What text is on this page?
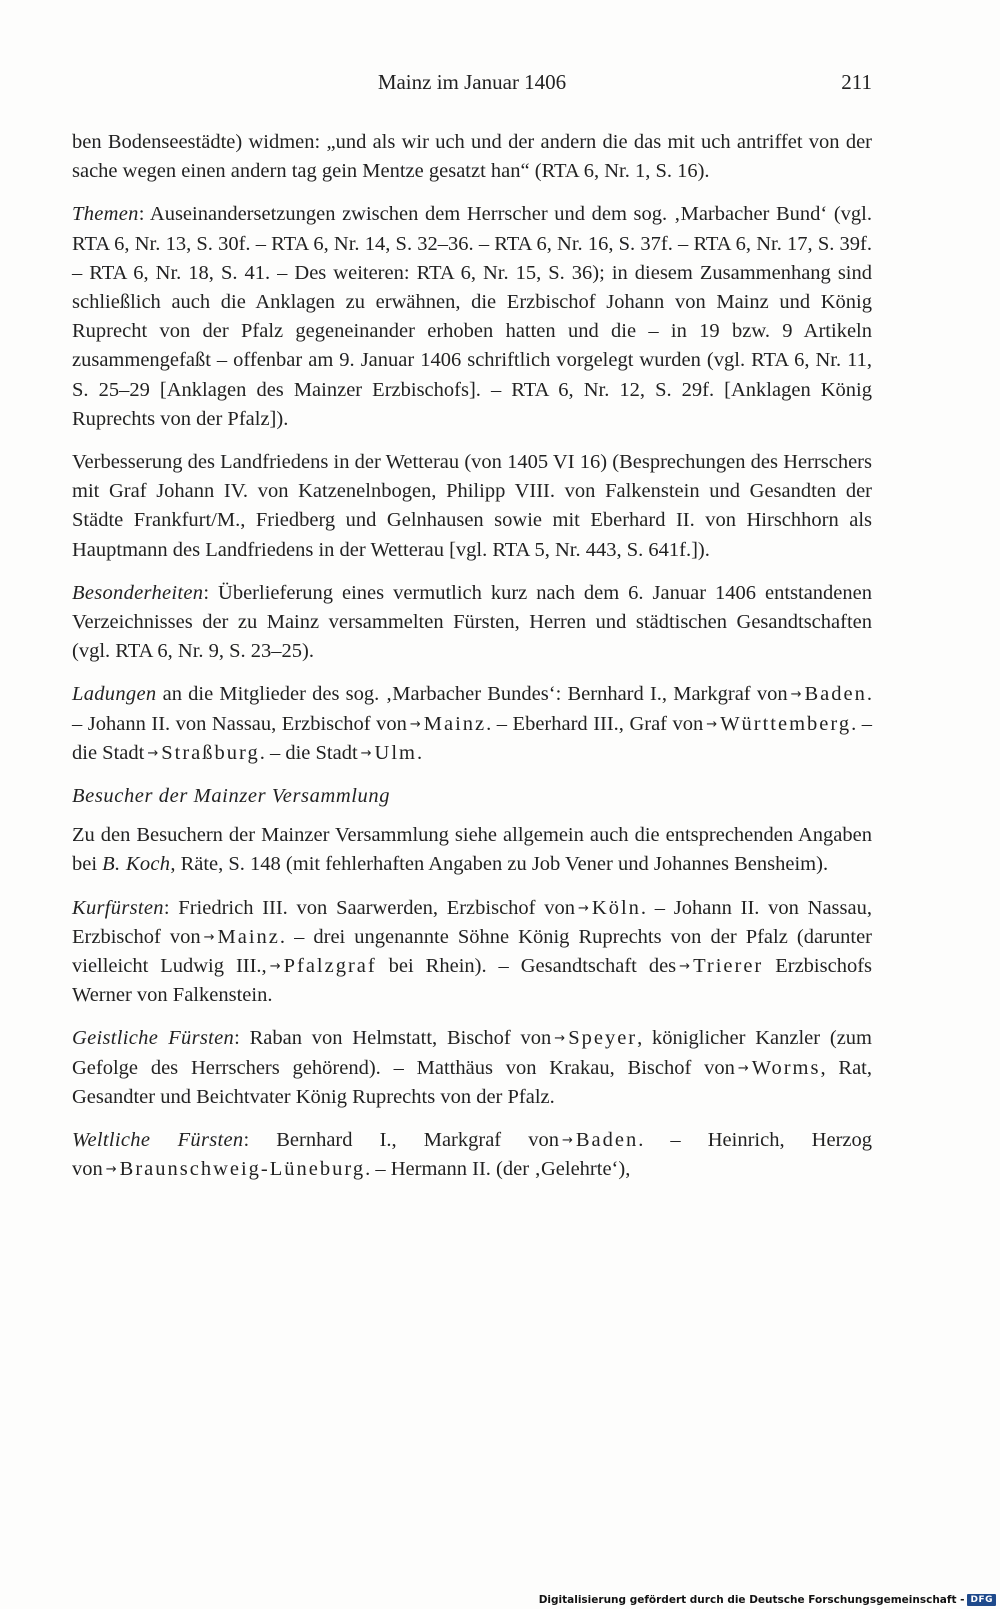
Mainz im Januar 1406	211

ben Bodenseestädte) widmen: „und als wir uch und der andern die das mit uch antriffet von der sache wegen einen andern tag gein Mentze gesatzt han“ (RTA 6, Nr. 1, S. 16).

Themen: Auseinandersetzungen zwischen dem Herrscher und dem sog. ‚Marbacher Bund‘ (vgl. RTA 6, Nr. 13, S. 30f. – RTA 6, Nr. 14, S. 32–36. – RTA 6, Nr. 16, S. 37f. – RTA 6, Nr. 17, S. 39f. – RTA 6, Nr. 18, S. 41. – Des weiteren: RTA 6, Nr. 15, S. 36); in diesem Zusammenhang sind schließlich auch die Anklagen zu erwähnen, die Erzbischof Johann von Mainz und König Ruprecht von der Pfalz gegeneinander erhoben hatten und die – in 19 bzw. 9 Artikeln zusammengefaßt – offenbar am 9. Januar 1406 schriftlich vorgelegt wurden (vgl. RTA 6, Nr. 11, S. 25–29 [Anklagen des Mainzer Erzbischofs]. – RTA 6, Nr. 12, S. 29f. [Anklagen König Ruprechts von der Pfalz]).

Verbesserung des Landfriedens in der Wetterau (von 1405 VI 16) (Besprechungen des Herrschers mit Graf Johann IV. von Katzenelnbogen, Philipp VIII. von Falkenstein und Gesandten der Städte Frankfurt/M., Friedberg und Gelnhausen sowie mit Eberhard II. von Hirschhorn als Hauptmann des Landfriedens in der Wetterau [vgl. RTA 5, Nr. 443, S. 641f.]).

Besonderheiten: Überlieferung eines vermutlich kurz nach dem 6. Januar 1406 entstandenen Verzeichnisses der zu Mainz versammelten Fürsten, Herren und städtischen Gesandtschaften (vgl. RTA 6, Nr. 9, S. 23–25).

Ladungen an die Mitglieder des sog. ‚Marbacher Bundes‘: Bernhard I., Markgraf von → Baden. – Johann II. von Nassau, Erzbischof von → Mainz. – Eberhard III., Graf von → Württemberg. – die Stadt → Straßburg. – die Stadt → Ulm.

Besucher der Mainzer Versammlung

Zu den Besuchern der Mainzer Versammlung siehe allgemein auch die entsprechenden Angaben bei B. Koch, Räte, S. 148 (mit fehlerhaften Angaben zu Job Vener und Johannes Bensheim).

Kurfürsten: Friedrich III. von Saarwerden, Erzbischof von → Köln. – Johann II. von Nassau, Erzbischof von → Mainz. – drei ungenannte Söhne König Ruprechts von der Pfalz (darunter vielleicht Ludwig III., → Pfalzgraf bei Rhein). – Gesandtschaft des → Trierer Erzbischofs Werner von Falkenstein.

Geistliche Fürsten: Raban von Helmstatt, Bischof von → Speyer, königlicher Kanzler (zum Gefolge des Herrschers gehörend). – Matthäus von Krakau, Bischof von → Worms, Rat, Gesandter und Beichtvater König Ruprechts von der Pfalz.

Weltliche Fürsten: Bernhard I., Markgraf von → Baden. – Heinrich, Herzog von → Braunschweig-Lüneburg. – Hermann II. (der ‚Gelehrte‘),

Digitalisierung gefördert durch die Deutsche Forschungsgemeinschaft - DFG
